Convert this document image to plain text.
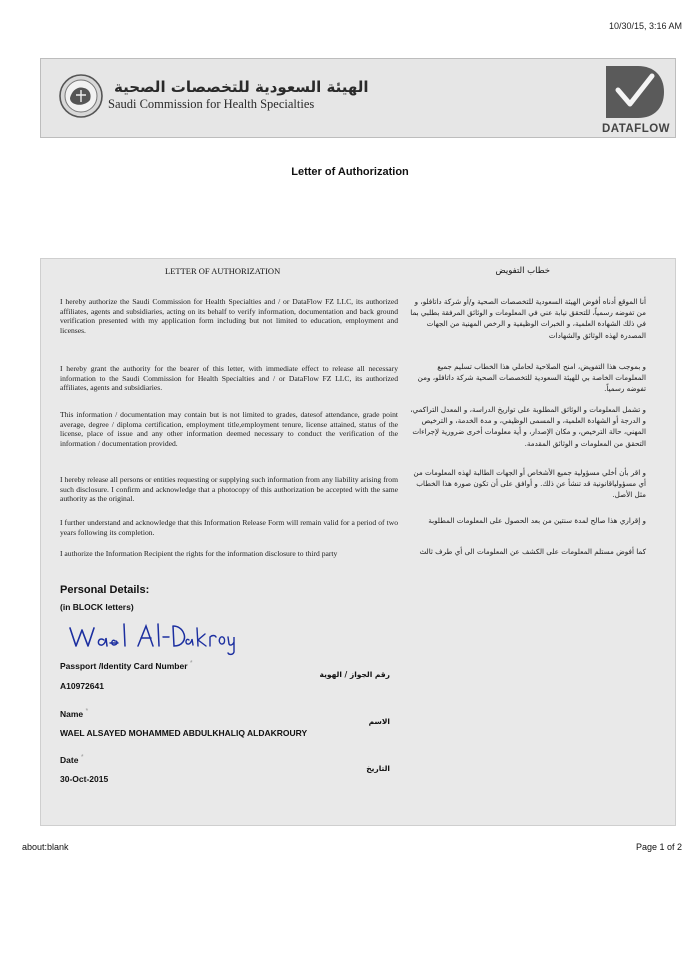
10/30/15, 3:16 AM
الهيئة السعودية للتخصصات الصحية
Saudi Commission for Health Specialties
DATAFLOW
Letter of Authorization
LETTER OF AUTHORIZATION	خطاب التفويض
I hereby authorize the Saudi Commission for Health Specialties and / or DataFlow FZ LLC, its authorized affiliates, agents and subsidiaries, acting on its behalf to verify information, documentation and back ground verification presented with my application form including but not limited to education, employment and licenses.
I hereby grant the authority for the bearer of this letter, with immediate effect to release all necessary information to the Saudi Commission for Health Specialties and / or DataFlow FZ LLC, its authorized affiliates, agents and subsidiaries.
This information / documentation may contain but is not limited to grades, datesof attendance, grade point average, degree / diploma certification, employment title,employment tenure, license attained, status of the license, place of issue and any other information deemed necessary to conduct the verification of the information / documentation provided.
I hereby release all persons or entities requesting or supplying such information from any liability arising from such disclosure. I confirm and acknowledge that a photocopy of this authorization be accepted with the same authority as the original.
I further understand and acknowledge that this Information Release Form will remain valid for a period of two years following its completion.
I authorize the Information Recipient the rights for the information disclosure to third party
أنا الموقع أدناه أفوض الهيئة السعودية للتخصصات الصحية و/أو شركة داتافلو، و من تفوضه رسمياً، للتحقق نيابة عني في المعلومات و الوثائق المرفقة بطلبي بما في ذلك الشهادة العلمية، و الخبرات الوظيفية و الرخص المهنية من الجهات المصدرة لهذه الوثائق والشهادات
و بموجب هذا التفويض، امنح الصلاحية لحاملي هذا الخطاب تسليم جميع المعلومات الخاصة بي للهيئة السعودية للتخصصات الصحية شركة داتافلو، ومن تفوضه رسمياً.
و تشمل المعلومات و الوثائق المطلوبة على تواريخ الدراسة، و المعدل التراكمي، و الدرجة أو الشهادة العلمية، و المسمى الوظيفي، و مدة الخدمة، و الترخيص المهني، حالة الترخيص، و مكان الإصدار، و أية معلومات أخرى ضرورية لإجراءات التحقق من المعلومات و الوثائق المقدمة.
و اقر بأن أخلي مسؤولية جميع الأشخاص أو الجهات الطالبة لهذه المعلومات من أي مسؤولياقانونية قد تنشأ عن ذلك. و أوافق على أن تكون صورة هذا الخطاب مثل الأصل.
و إقراري هذا صالح لمدة سنتين من بعد الحصول على المعلومات المطلوبة
كما أفوض مستلم المعلومات على الكشف عن المعلومات الى أي طرف ثالث
Personal Details:
(in BLOCK letters)
Passport /Identity Card Number *
رقم الجواز / الهوية
A10972641
Name *
الاسم
WAEL ALSAYED MOHAMMED ABDULKHALIQ ALDAKROURY
Date *
التاريخ
30-Oct-2015
about:blank	Page 1 of 2
